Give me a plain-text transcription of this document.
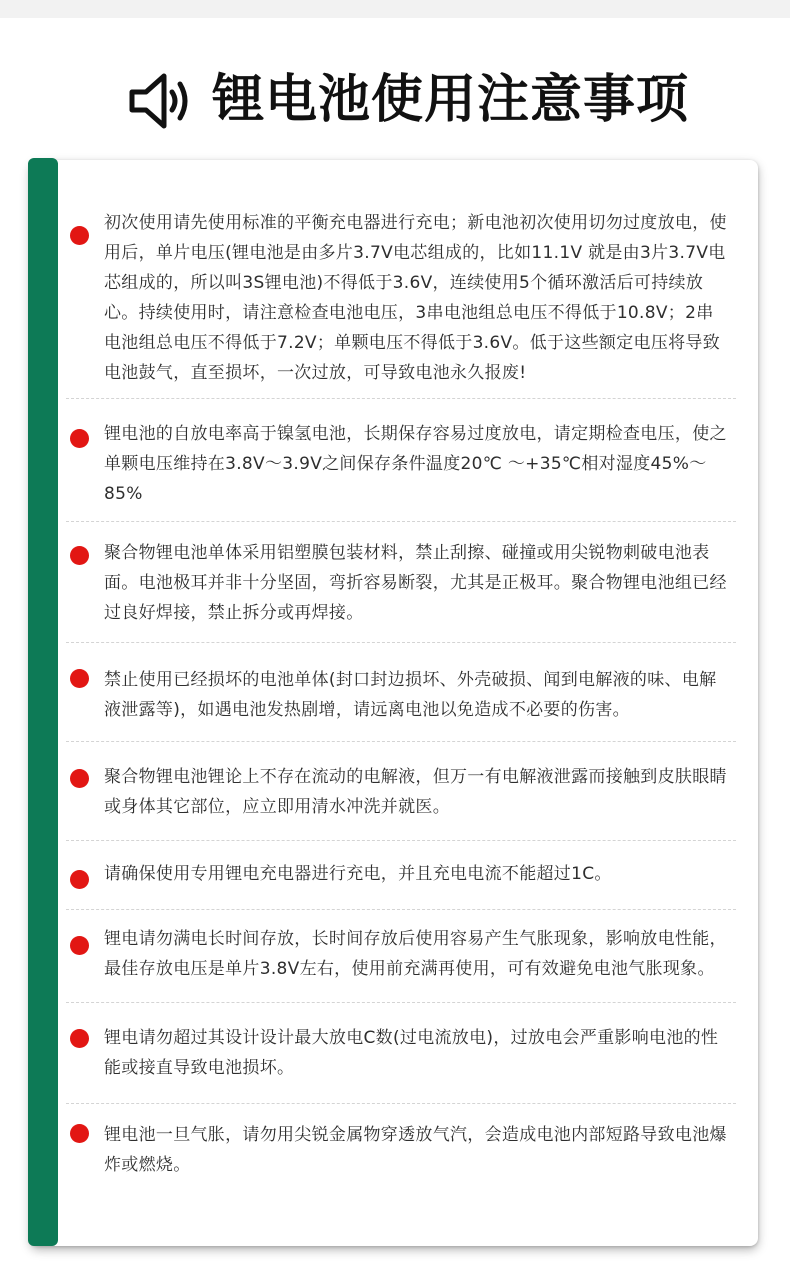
锂电池使用注意事项
初次使用请先使用标准的平衡充电器进行充电；新电池初次使用切勿过度放电，使用后，单片电压(锂电池是由多片3.7V电芯组成的，比如11.1V 就是由3片3.7V电芯组成的，所以叫3S锂电池)不得低于3.6V，连续使用5个循环激活后可持续放心。持续使用时，请注意检查电池电压，3串电池组总电压不得低于10.8V；2串电池组总电压不得低于7.2V；单颗电压不得低于3.6V。低于这些额定电压将导致电池鼓气，直至损坏，一次过放，可导致电池永久报废!
锂电池的自放电率高于镍氢电池，长期保存容易过度放电，请定期检查电压，使之单颗电压维持在3.8V～3.9V之间保存条件温度20℃ ～+35℃相对湿度45%～85%
聚合物锂电池单体采用铝塑膜包装材料，禁止刮擦、碰撞或用尖锐物刺破电池表面。电池极耳并非十分坚固，弯折容易断裂，尤其是正极耳。聚合物锂电池组已经过良好焊接，禁止拆分或再焊接。
禁止使用已经损坏的电池单体(封口封边损坏、外壳破损、闻到电解液的味、电解液泄露等)，如遇电池发热剧增，请远离电池以免造成不必要的伤害。
聚合物锂电池锂论上不存在流动的电解液，但万一有电解液泄露而接触到皮肤眼睛或身体其它部位，应立即用清水冲洗并就医。
请确保使用专用锂电充电器进行充电，并且充电电流不能超过1C。
锂电请勿满电长时间存放，长时间存放后使用容易产生气胀现象，影响放电性能，最佳存放电压是单片3.8V左右，使用前充满再使用，可有效避免电池气胀现象。
锂电请勿超过其设计设计最大放电C数(过电流放电)，过放电会严重影响电池的性能或接直导致电池损坏。
锂电池一旦气胀，请勿用尖锐金属物穿透放气汽，会造成电池内部短路导致电池爆炸或燃烧。
